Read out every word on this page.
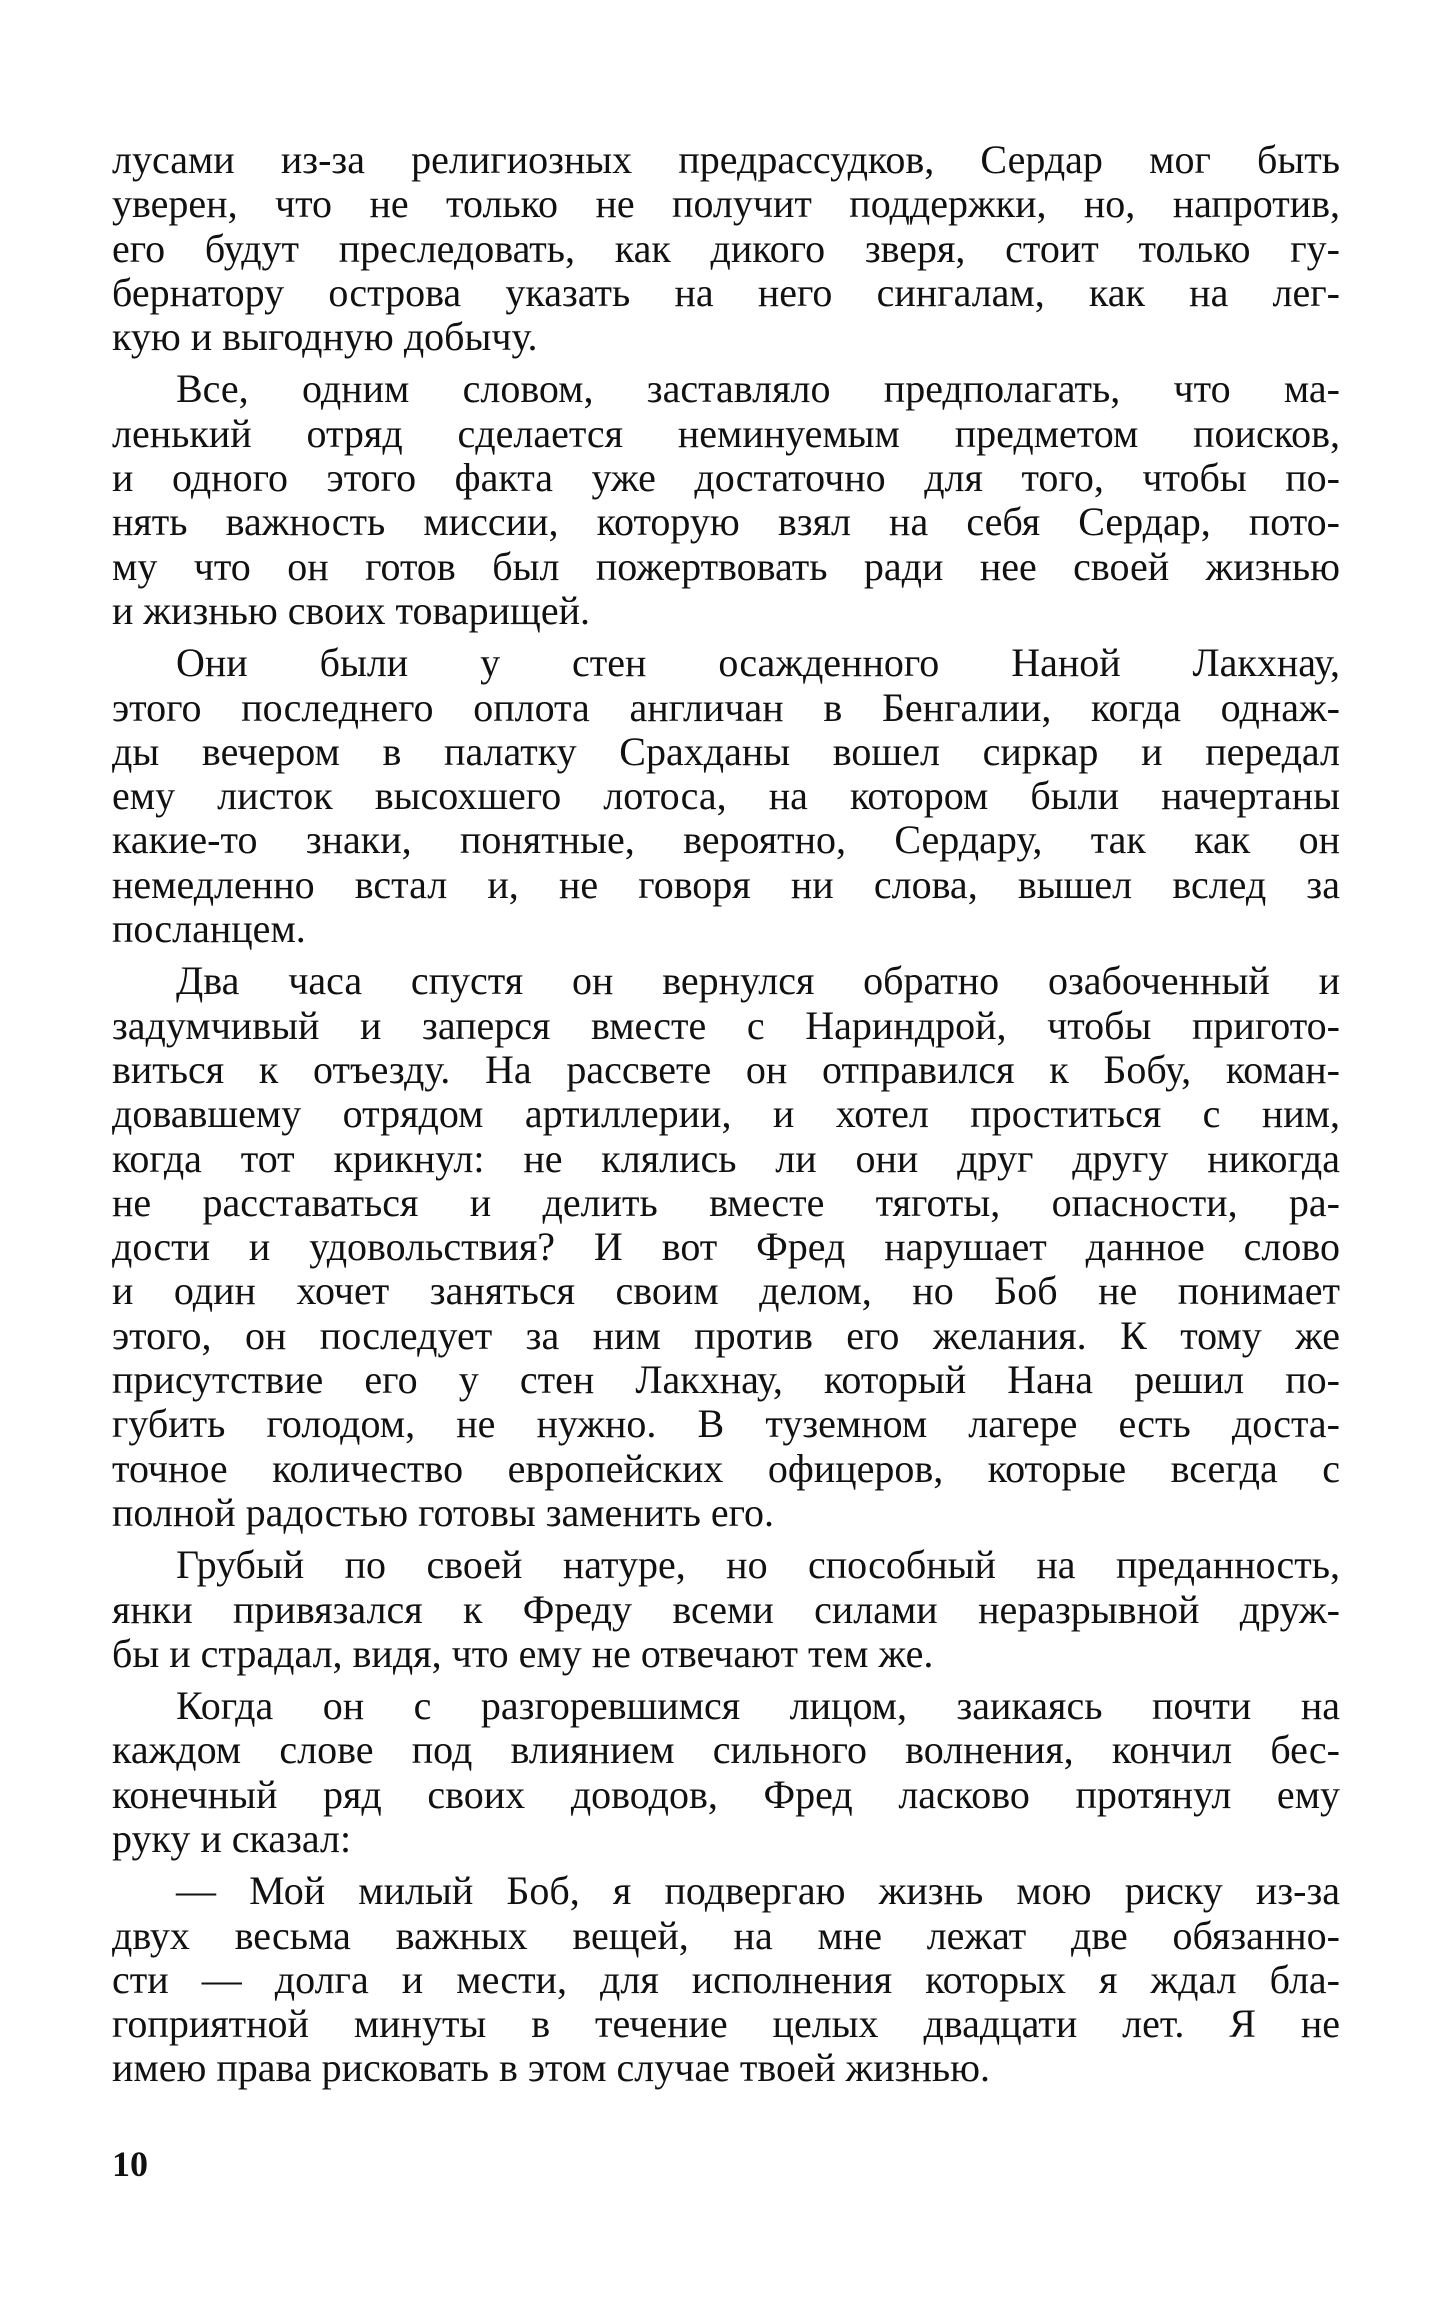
лусами из-за религиозных предрассудков, Сердар мог быть
уверен, что не только не получит поддержки, но, напротив,
его будут преследовать, как дикого зверя, стоит только гу-
бернатору острова указать на него сингалам, как на лег-
кую и выгодную добычу.
Все, одним словом, заставляло предполагать, что ма-
ленький отряд сделается неминуемым предметом поисков,
и одного этого факта уже достаточно для того, чтобы по-
нять важность миссии, которую взял на себя Сердар, пото-
му что он готов был пожертвовать ради нее своей жизнью
и жизнью своих товарищей.
Они были у стен осажденного Наной Лакхнау,
этого последнего оплота англичан в Бенгалии, когда однаж-
ды вечером в палатку Срахданы вошел сиркар и передал
ему листок высохшего лотоса, на котором были начертаны
какие-то знаки, понятные, вероятно, Сердару, так как он
немедленно встал и, не говоря ни слова, вышел вслед за
посланцем.
Два часа спустя он вернулся обратно озабоченный и
задумчивый и заперся вместе с Нариндрой, чтобы пригото-
виться к отъезду. На рассвете он отправился к Бобу, коман-
довавшему отрядом артиллерии, и хотел проститься с ним,
когда тот крикнул: не клялись ли они друг другу никогда
не расставаться и делить вместе тяготы, опасности, ра-
дости и удовольствия? И вот Фред нарушает данное слово
и один хочет заняться своим делом, но Боб не понимает
этого, он последует за ним против его желания. К тому же
присутствие его у стен Лакхнау, который Нана решил по-
губить голодом, не нужно. В туземном лагере есть доста-
точное количество европейских офицеров, которые всегда с
полной радостью готовы заменить его.
Грубый по своей натуре, но способный на преданность,
янки привязался к Фреду всеми силами неразрывной друж-
бы и страдал, видя, что ему не отвечают тем же.
Когда он с разгоревшимся лицом, заикаясь почти на
каждом слове под влиянием сильного волнения, кончил бес-
конечный ряд своих доводов, Фред ласково протянул ему
руку и сказал:
— Мой милый Боб, я подвергаю жизнь мою риску из-за
двух весьма важных вещей, на мне лежат две обязанно-
сти — долга и мести, для исполнения которых я ждал бла-
гоприятной минуты в течение целых двадцати лет. Я не
имею права рисковать в этом случае твоей жизнью.
10
